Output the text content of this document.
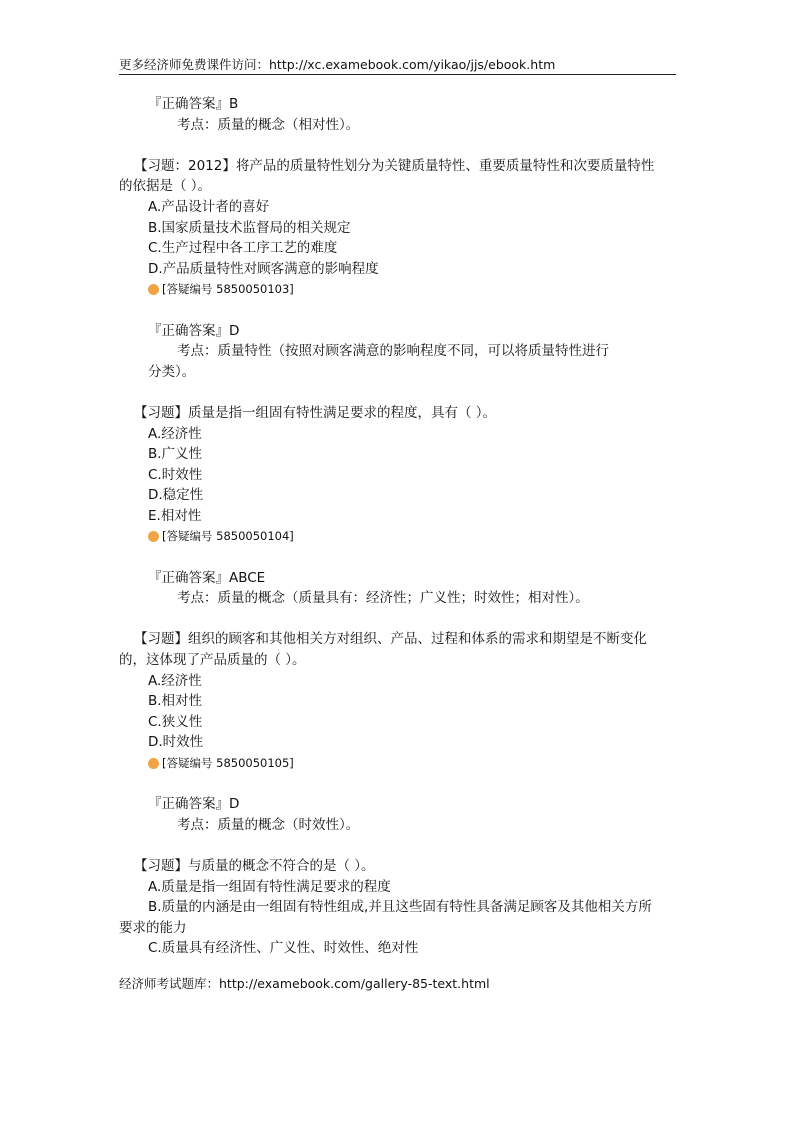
更多经济师免费课件访问：http://xc.examebook.com/yikao/jjs/ebook.htm
『正确答案』B
考点：质量的概念（相对性）。
【习题：2012】将产品的质量特性划分为关键质量特性、重要质量特性和次要质量特性
的依据是（ ）。
A.产品设计者的喜好
B.国家质量技术监督局的相关规定
C.生产过程中各工序工艺的难度
D.产品质量特性对顾客满意的影响程度
[答疑编号 5850050103]
『正确答案』D
考点：质量特性（按照对顾客满意的影响程度不同，可以将质量特性进行
分类）。
【习题】质量是指一组固有特性满足要求的程度，具有（ ）。
A.经济性
B.广义性
C.时效性
D.稳定性
E.相对性
[答疑编号 5850050104]
『正确答案』ABCE
考点：质量的概念（质量具有：经济性；广义性；时效性；相对性）。
【习题】组织的顾客和其他相关方对组织、产品、过程和体系的需求和期望是不断变化
的，这体现了产品质量的（ ）。
A.经济性
B.相对性
C.狭义性
D.时效性
[答疑编号 5850050105]
『正确答案』D
考点：质量的概念（时效性）。
【习题】与质量的概念不符合的是（ ）。
A.质量是指一组固有特性满足要求的程度
B.质量的内涵是由一组固有特性组成,并且这些固有特性具备满足顾客及其他相关方所
要求的能力
C.质量具有经济性、广义性、时效性、绝对性
经济师考试题库：http://examebook.com/gallery-85-text.html
